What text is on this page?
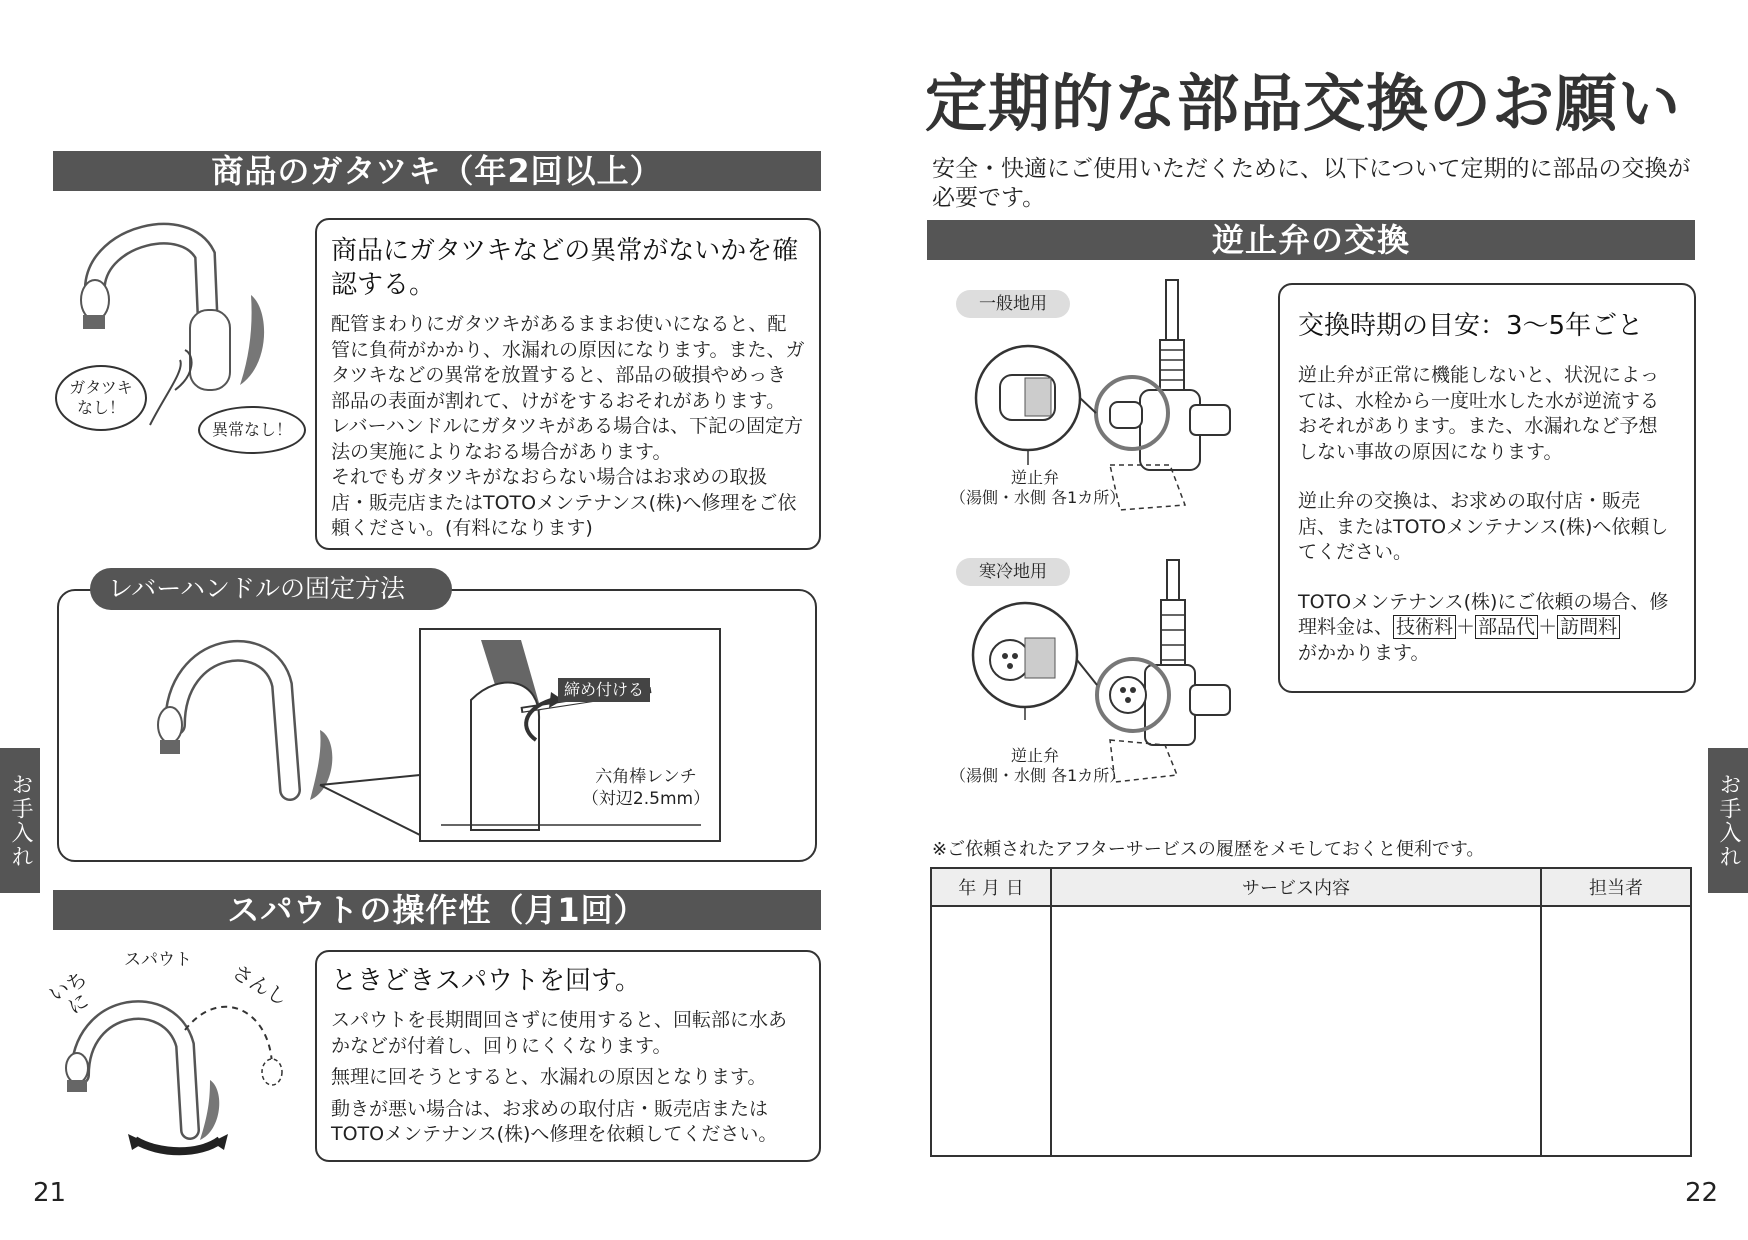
商品のガタツキ（年2回以上）
ガタツキなし！
異常なし！
商品にガタツキなどの異常がないかを確認する。
配管まわりにガタツキがあるままお使いになると、配管に負荷がかかり、水漏れの原因になります。また、ガタツキなどの異常を放置すると、部品の破損やめっき部品の表面が割れて、けがをするおそれがあります。
レバーハンドルにガタツキがある場合は、下記の固定方法の実施によりなおる場合があります。
それでもガタツキがなおらない場合はお求めの取扱店・販売店またはTOTOメンテナンス(株)へ修理をご依頼ください。(有料になります)
レバーハンドルの固定方法
締め付ける
六角棒レンチ
（対辺2.5mm）
スパウトの操作性（月1回）
スパウト
いちに	さんし ときどきスパウトを回す。
スパウトを長期間回さずに使用すると、回転部に水あかなどが付着し、回りにくくなります。
無理に回そうとすると、水漏れの原因となります。
動きが悪い場合は、お求めの取付店・販売店またはTOTOメンテナンス(株)へ修理を依頼してください。
お手入れ
21
定期的な部品交換のお願い
安全・快適にご使用いただくために、以下について定期的に部品の交換が必要です。
逆止弁の交換
一般地用
逆止弁
（湯側・水側 各1カ所）
寒冷地用
逆止弁
（湯側・水側 各1カ所）
交換時期の目安：3～5年ごと
逆止弁が正常に機能しないと、状況によっては、水栓から一度吐水した水が逆流するおそれがあります。また、水漏れなど予想しない事故の原因になります。
逆止弁の交換は、お求めの取付店・販売店、またはTOTOメンテナンス(株)へ依頼してください。
TOTOメンテナンス(株)にご依頼の場合、修理料金は、 技術料 ＋ 部品代 ＋ 訪問料
がかかります。
※ご依頼されたアフターサービスの履歴をメモしておくと便利です。
年 月 日	サービス内容	担当者

お手入れ
22
